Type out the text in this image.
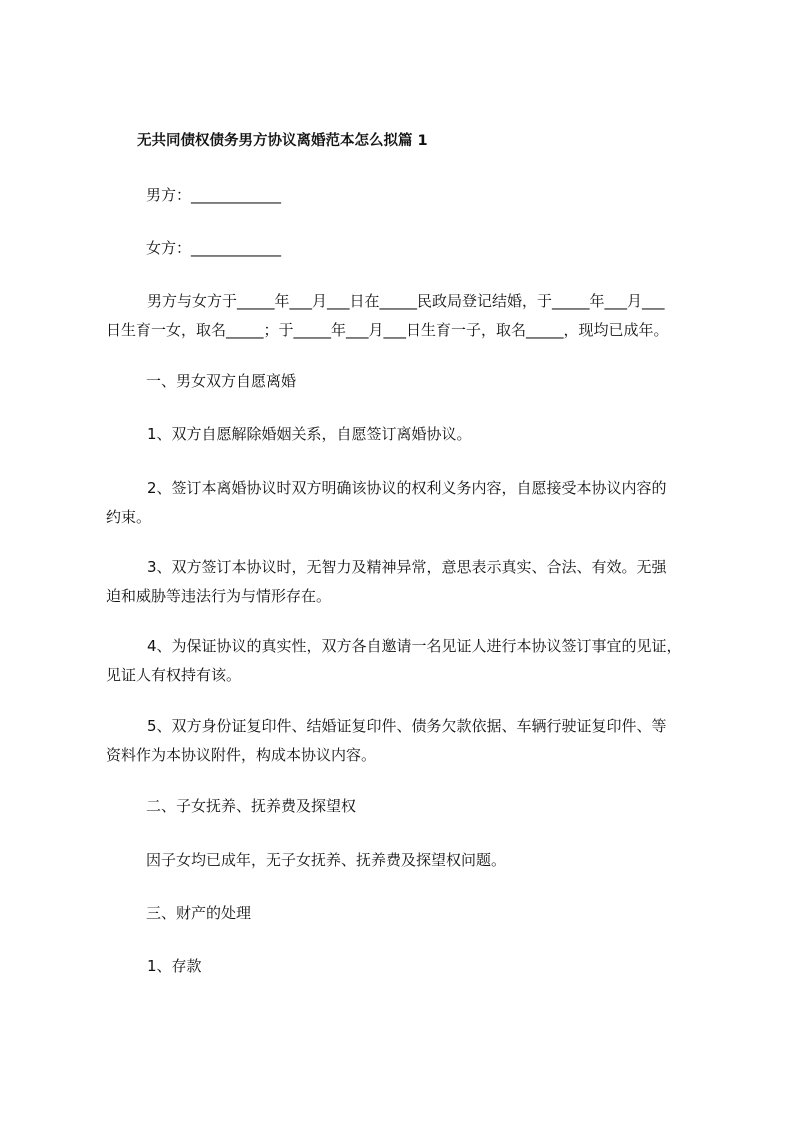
无共同债权债务男方协议离婚范本怎么拟篇 1

男方：____________

女方：____________

男方与女方于_____年___月___日在_____民政局登记结婚，于_____年___月___

日生育一女，取名_____；于_____年___月___日生育一子，取名_____，现均已成年。

一、男女双方自愿离婚

1、双方自愿解除婚姻关系，自愿签订离婚协议。

2、签订本离婚协议时双方明确该协议的权利义务内容，自愿接受本协议内容的

约束。

3、双方签订本协议时，无智力及精神异常，意思表示真实、合法、有效。无强

迫和威胁等违法行为与情形存在。

4、为保证协议的真实性，双方各自邀请一名见证人进行本协议签订事宜的见证，

见证人有权持有该。

5、双方身份证复印件、结婚证复印件、债务欠款依据、车辆行驶证复印件、等

资料作为本协议附件，构成本协议内容。

二、子女抚养、抚养费及探望权

因子女均已成年，无子女抚养、抚养费及探望权问题。

三、财产的处理

1、存款
